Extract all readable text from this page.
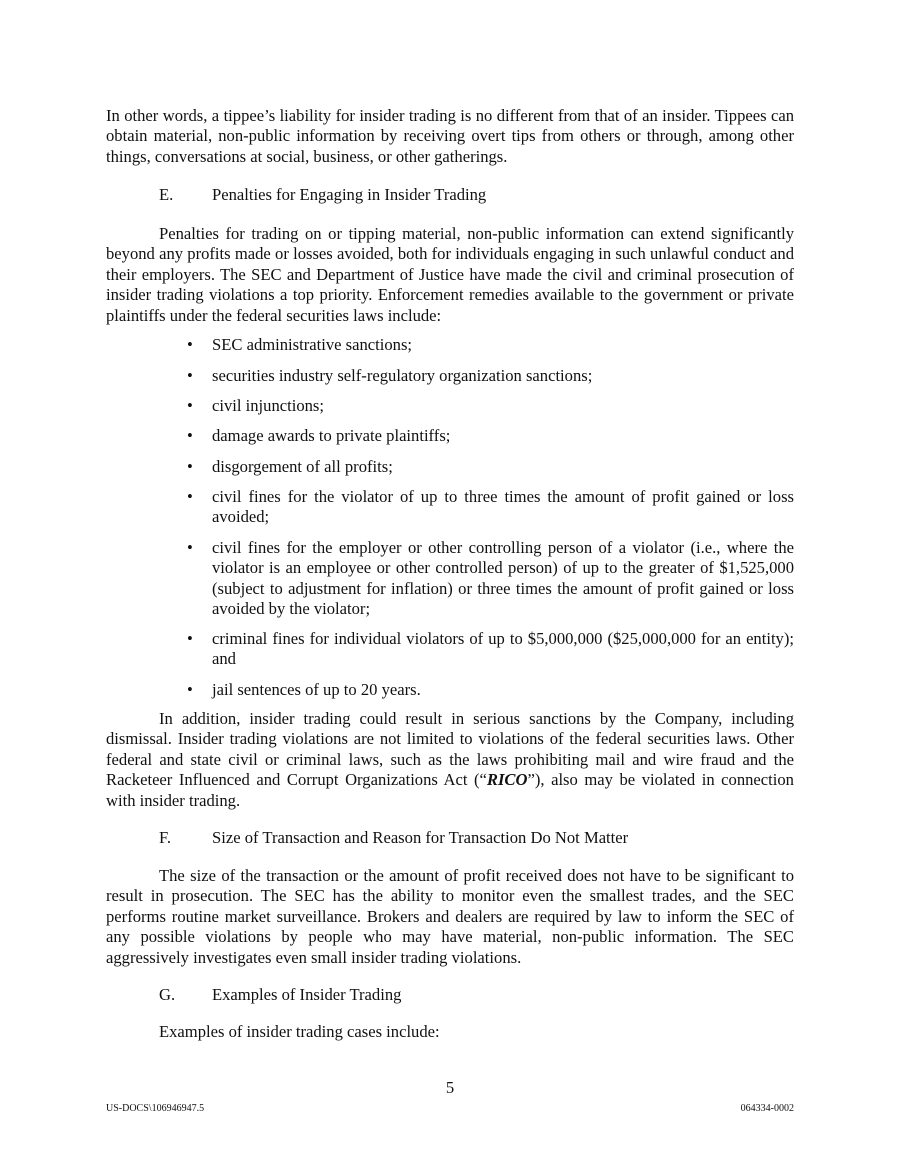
In other words, a tippee’s liability for insider trading is no different from that of an insider. Tippees can obtain material, non-public information by receiving overt tips from others or through, among other things, conversations at social, business, or other gatherings.

E. Penalties for Engaging in Insider Trading

Penalties for trading on or tipping material, non-public information can extend significantly beyond any profits made or losses avoided, both for individuals engaging in such unlawful conduct and their employers. The SEC and Department of Justice have made the civil and criminal prosecution of insider trading violations a top priority. Enforcement remedies available to the government or private plaintiffs under the federal securities laws include:

• SEC administrative sanctions;
• securities industry self-regulatory organization sanctions;
• civil injunctions;
• damage awards to private plaintiffs;
• disgorgement of all profits;
• civil fines for the violator of up to three times the amount of profit gained or loss avoided;
• civil fines for the employer or other controlling person of a violator (i.e., where the violator is an employee or other controlled person) of up to the greater of $1,525,000 (subject to adjustment for inflation) or three times the amount of profit gained or loss avoided by the violator;
• criminal fines for individual violators of up to $5,000,000 ($25,000,000 for an entity); and
• jail sentences of up to 20 years.

In addition, insider trading could result in serious sanctions by the Company, including dismissal. Insider trading violations are not limited to violations of the federal securities laws. Other federal and state civil or criminal laws, such as the laws prohibiting mail and wire fraud and the Racketeer Influenced and Corrupt Organizations Act (“RICO”), also may be violated in connection with insider trading.

F. Size of Transaction and Reason for Transaction Do Not Matter

The size of the transaction or the amount of profit received does not have to be significant to result in prosecution. The SEC has the ability to monitor even the smallest trades, and the SEC performs routine market surveillance. Brokers and dealers are required by law to inform the SEC of any possible violations by people who may have material, non-public information. The SEC aggressively investigates even small insider trading violations.

G. Examples of Insider Trading

Examples of insider trading cases include:

5
US-DOCS\106946947.5	064334-0002
